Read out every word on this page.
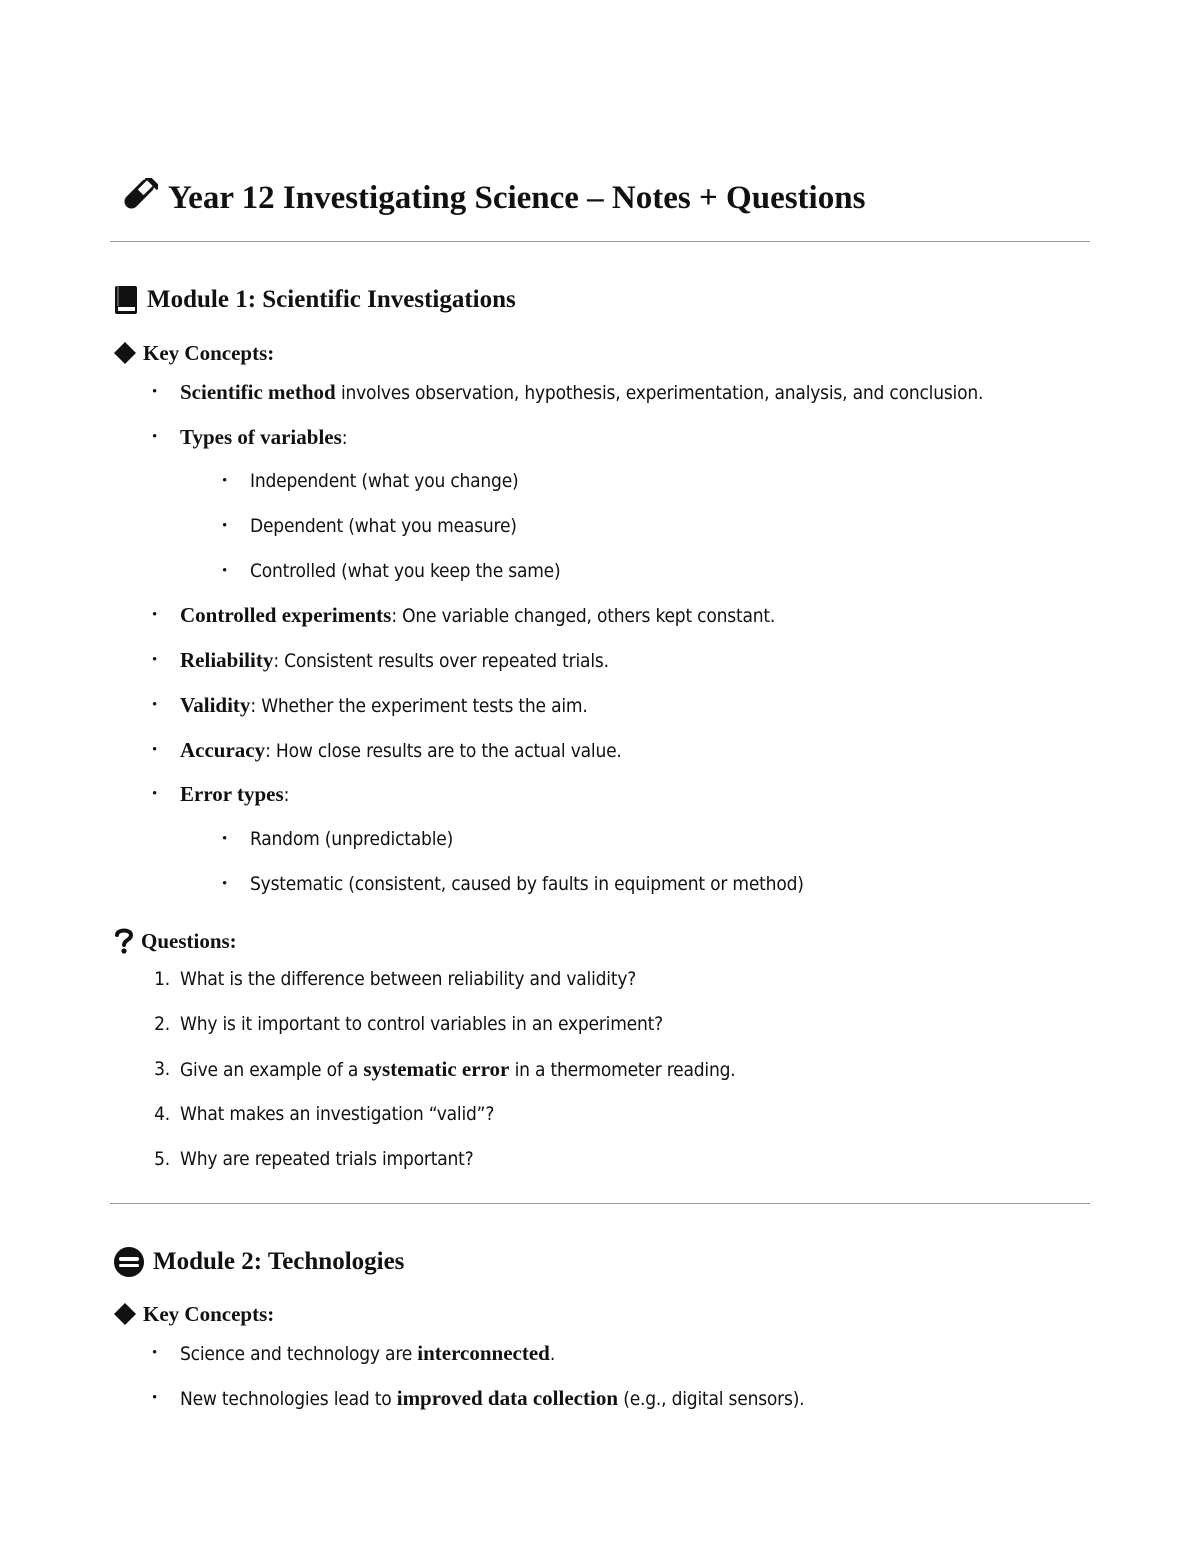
Year 12 Investigating Science – Notes + Questions
Module 1: Scientific Investigations
Key Concepts:
• Scientific method involves observation, hypothesis, experimentation, analysis, and conclusion.
• Types of variables:
• Independent (what you change)
• Dependent (what you measure)
• Controlled (what you keep the same)
• Controlled experiments: One variable changed, others kept constant.
• Reliability: Consistent results over repeated trials.
• Validity: Whether the experiment tests the aim.
• Accuracy: How close results are to the actual value.
• Error types:
• Random (unpredictable)
• Systematic (consistent, caused by faults in equipment or method)
Questions:
1. What is the difference between reliability and validity?
2. Why is it important to control variables in an experiment?
3. Give an example of a systematic error in a thermometer reading.
4. What makes an investigation “valid”?
5. Why are repeated trials important?
Module 2: Technologies
Key Concepts:
• Science and technology are interconnected.
• New technologies lead to improved data collection (e.g., digital sensors).
